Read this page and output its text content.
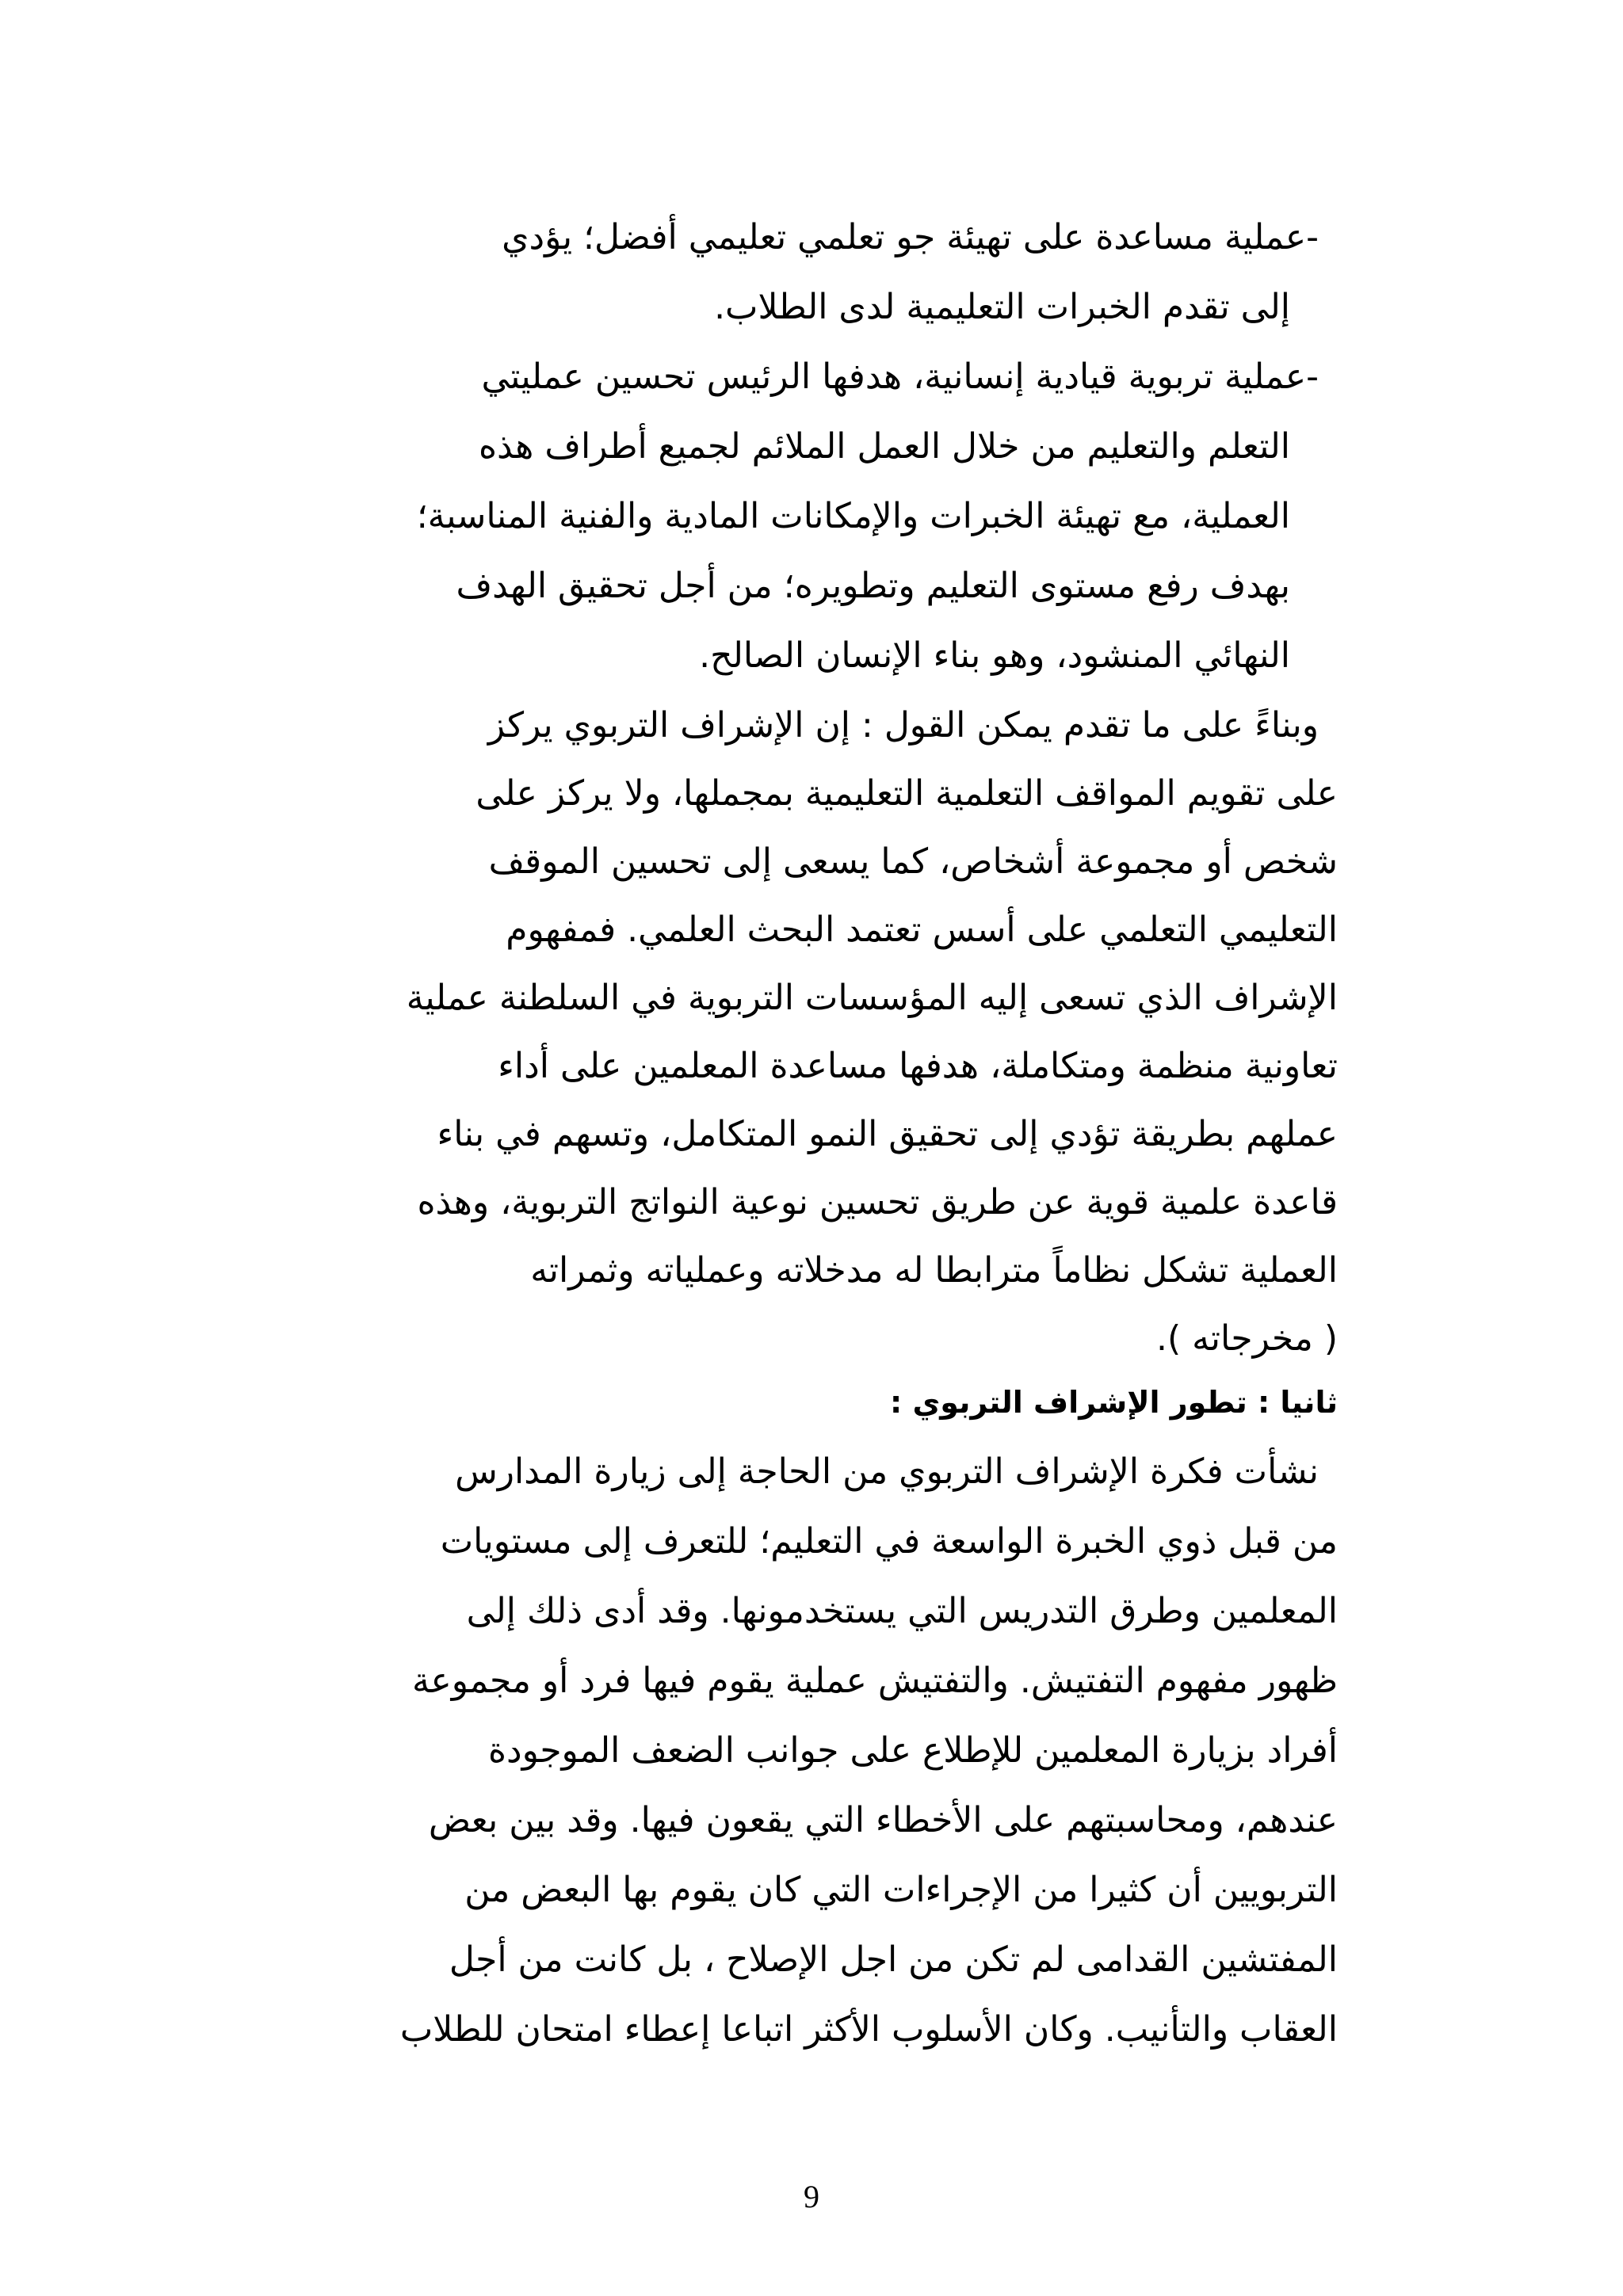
-عملية مساعدة على تهيئة جو تعلمي تعليمي أفضل؛ يؤدي
إلى تقدم الخبرات التعليمية لدى الطلاب.
-عملية تربوية قيادية إنسانية، هدفها الرئيس تحسين عمليتي
التعلم والتعليم من خلال العمل الملائم لجميع أطراف هذه
العملية، مع تهيئة الخبرات والإمكانات المادية والفنية المناسبة؛
بهدف رفع مستوى التعليم وتطويره؛ من أجل تحقيق الهدف
النهائي المنشود، وهو بناء الإنسان الصالح.
وبناءً على ما تقدم يمكن القول : إن الإشراف التربوي يركز
على تقويم المواقف التعلمية التعليمية بمجملها، ولا يركز على
شخص أو مجموعة أشخاص، كما يسعى إلى تحسين الموقف
التعليمي التعلمي على أسس تعتمد البحث العلمي. فمفهوم
الإشراف الذي تسعى إليه المؤسسات التربوية في السلطنة عملية
تعاونية منظمة ومتكاملة، هدفها مساعدة المعلمين على أداء
عملهم بطريقة تؤدي إلى تحقيق النمو المتكامل، وتسهم في بناء
قاعدة علمية قوية عن طريق تحسين نوعية النواتج التربوية، وهذه
العملية تشكل نظاماً مترابطا له مدخلاته وعملياته وثمراته
( مخرجاته ).
ثانيا : تطور الإشراف التربوي :
نشأت فكرة الإشراف التربوي من الحاجة إلى زيارة المدارس
من قبل ذوي الخبرة الواسعة في التعليم؛ للتعرف إلى مستويات
المعلمين وطرق التدريس التي يستخدمونها. وقد أدى ذلك إلى
ظهور مفهوم التفتيش. والتفتيش عملية يقوم فيها فرد أو مجموعة
أفراد بزيارة المعلمين للإطلاع على جوانب الضعف الموجودة
عندهم، ومحاسبتهم على الأخطاء التي يقعون فيها. وقد بين بعض
التربويين أن كثيرا من الإجراءات التي كان يقوم بها البعض من
المفتشين القدامى لم تكن من اجل الإصلاح ، بل كانت من أجل
العقاب والتأنيب. وكان الأسلوب الأكثر اتباعا إعطاء امتحان للطلاب
9
